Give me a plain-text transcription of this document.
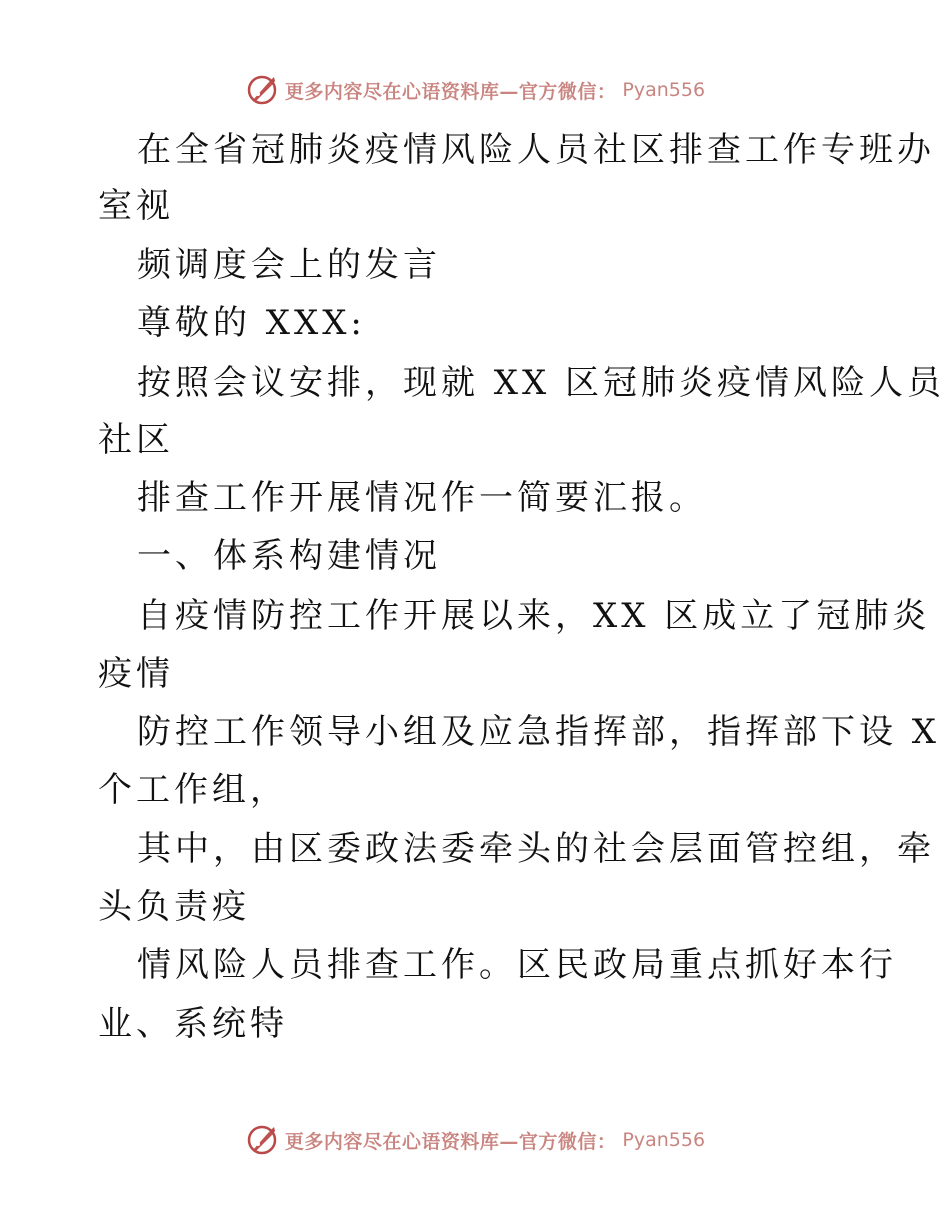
更多内容尽在心语资料库—官方微信： Pyan556
在全省冠肺炎疫情风险人员社区排查工作专班办
室视
频调度会上的发言
尊敬的 XXX:
按照会议安排，现就 XX 区冠肺炎疫情风险人员
社区
排查工作开展情况作一简要汇报。
一、体系构建情况
自疫情防控工作开展以来，XX 区成立了冠肺炎
疫情
防控工作领导小组及应急指挥部，指挥部下设 X
个工作组，
其中，由区委政法委牵头的社会层面管控组，牵
头负责疫
情风险人员排查工作。区民政局重点抓好本行
业、系统特
更多内容尽在心语资料库—官方微信： Pyan556
